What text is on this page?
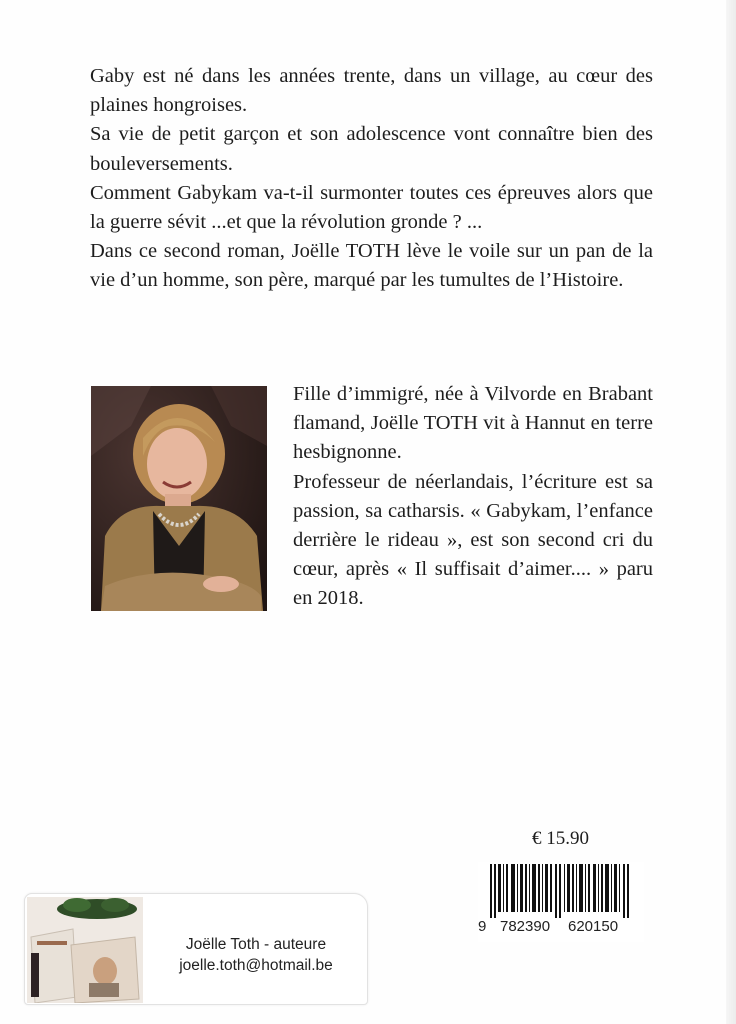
Gaby est né dans les années trente, dans un village, au cœur des plaines hongroises.

Sa vie de petit garçon et son adolescence vont connaître bien des bouleversements.

Comment Gabykam va-t-il surmonter toutes ces épreuves alors que la guerre sévit ...et que la révolution gronde ? ...

Dans ce second roman, Joëlle TOTH lève le voile sur un pan de la vie d’un homme, son père, marqué par les tumultes de l’Histoire.

Fille d’immigré, née à Vilvorde en Brabant flamand, Joëlle TOTH vit à Hannut en terre hesbignonne.

Professeur de néerlandais, l’écriture est sa passion, sa catharsis. « Gabykam, l’enfance derrière le rideau », est son second cri du cœur, après « Il suffisait d’aimer.... » paru en 2018.

€ 15.90
9 782390 620150
Joëlle Toth - auteure
joelle.toth@hotmail.be
